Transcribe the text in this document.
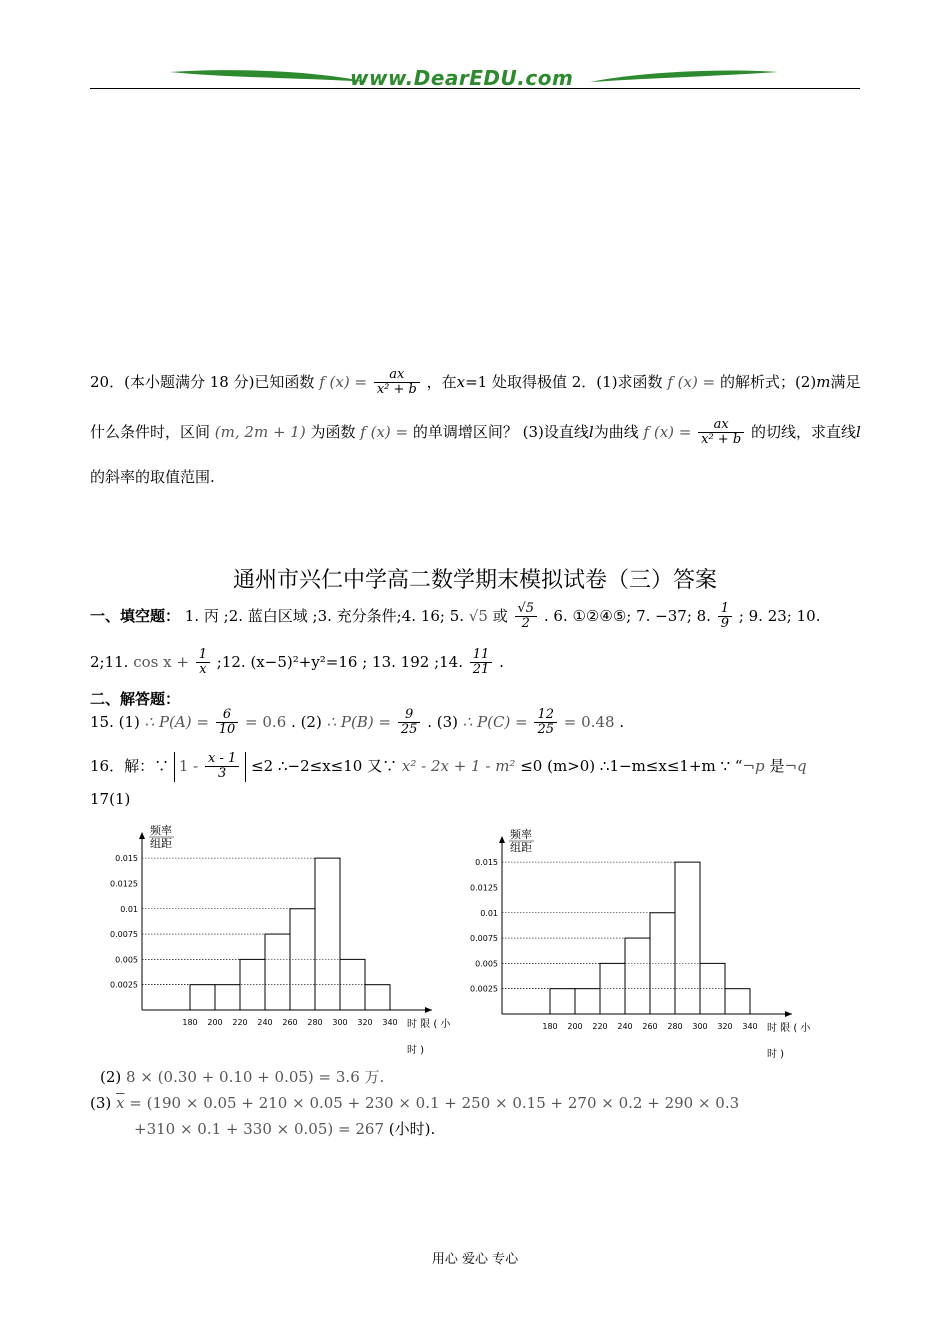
www.DearEDU.com
20．(本小题满分 18 分)已知函数 f $(x) = \frac{ax}{\text{x² + b}}$ ，在x=1 处取得极值 2．(1)求函数 f (x) = 的解析式；(2)m满足
什么条件时，区间 (m, 2m + 1) 为函数 f (x) = 的单调增区间？ (3)设直线l为曲线 f $(x) = \frac{ax}{\text{x² + b}}$ 的切线，求直线l
的斜率的取值范围.
通州市兴仁中学高二数学期末模拟试卷（三）答案
一、填空题： 1. 丙 ;2. 蓝白区域 ;3. 充分条件;4. 16; 5. √5 或 $\frac{√5}{2}$ . 6. ①②④⑤; 7. −37; 8. $\frac{1}{9}$ ; 9. 23; 10.
2;11. $\cos x + \frac{1}{x}$ ;12. (x−5)²+y²=16 ; 13. 192 ;14. $\frac{11}{21}$ .
二、解答题：
15. (1) ∴ $P(A) = \frac{6}{10} = 0.6$ . (2) ∴ $P(B) = \frac{9}{25}$ . (3) ∴ $P(C) = \frac{12}{25} = 0.48$ .
16．解：∵ $1 - \frac{x - 1}{3} \le 2$ ∴−2≤x≤10 又∵ x² - 2x + 1 - m² ≤0 (m>0) ∴1−m≤x≤1+m ∵ “¬p 是¬q
17(1)
频率
组距
0.0025
0.005
0.0075
0.01
0.0125
0.015
180 200 220 240 260 280 300 320 340 时 限 ( 小
时 )
频率
组距
0.0025
0.005
0.0075
0.01
0.0125
0.015
180 200 220 240 260 280 300 320 340 时 限 ( 小
时 )
(2) 8 × (0.30 + 0.10 + 0.05) = 3.6 万.
(3) $\overline{x} = (190 \times 0.05 + 210 \times 0.05 + 230 \times 0.1 + 250 \times 0.15 + 270 \times 0.2 + 290 \times 0.3$
+310 × 0.1 + 330 × 0.05) = 267 (小时).
用心 爱心 专心
